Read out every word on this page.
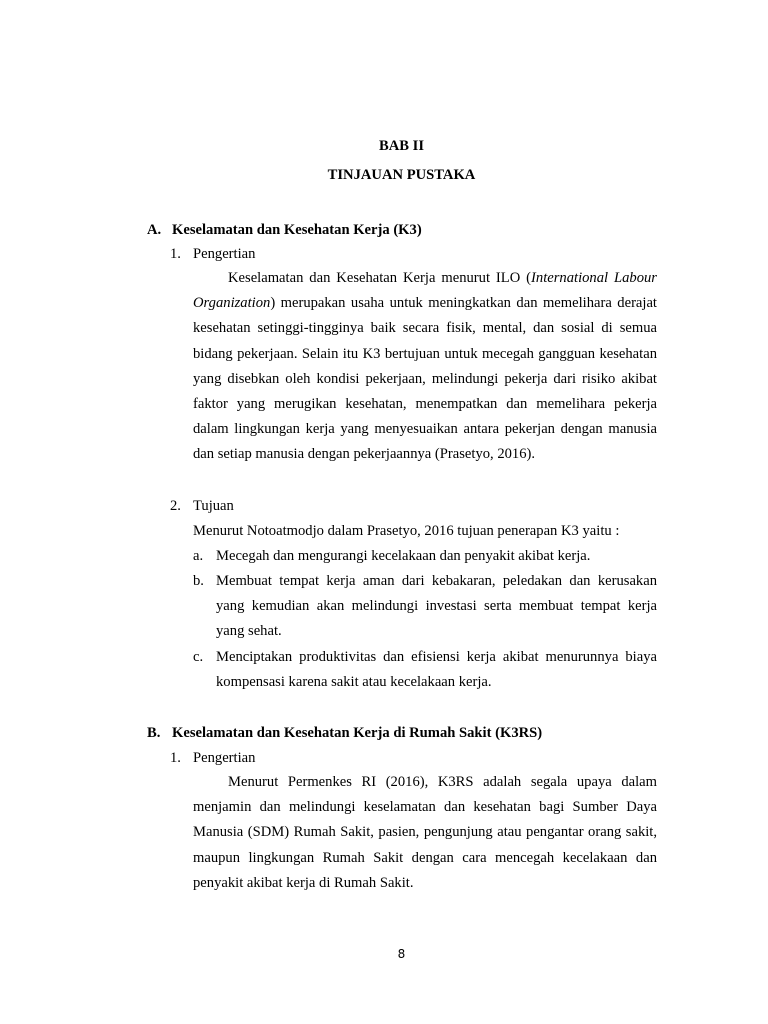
BAB II
TINJAUAN PUSTAKA
A. Keselamatan dan Kesehatan Kerja (K3)
1. Pengertian

Keselamatan dan Kesehatan Kerja menurut ILO (International Labour Organization) merupakan usaha untuk meningkatkan dan memelihara derajat kesehatan setinggi-tingginya baik secara fisik, mental, dan sosial di semua bidang pekerjaan. Selain itu K3 bertujuan untuk mecegah gangguan kesehatan yang disebkan oleh kondisi pekerjaan, melindungi pekerja dari risiko akibat faktor yang merugikan kesehatan, menempatkan dan memelihara pekerja dalam lingkungan kerja yang menyesuaikan antara pekerjan dengan manusia dan setiap manusia dengan pekerjaannya (Prasetyo, 2016).

2. Tujuan
Menurut Notoatmodjo dalam Prasetyo, 2016 tujuan penerapan K3 yaitu :
a. Mecegah dan mengurangi kecelakaan dan penyakit akibat kerja.
b. Membuat tempat kerja aman dari kebakaran, peledakan dan kerusakan yang kemudian akan melindungi investasi serta membuat tempat kerja yang sehat.
c. Menciptakan produktivitas dan efisiensi kerja akibat menurunnya biaya kompensasi karena sakit atau kecelakaan kerja.
B. Keselamatan dan Kesehatan Kerja di Rumah Sakit (K3RS)
1. Pengertian

Menurut Permenkes RI (2016), K3RS adalah segala upaya dalam menjamin dan melindungi keselamatan dan kesehatan bagi Sumber Daya Manusia (SDM) Rumah Sakit, pasien, pengunjung atau pengantar orang sakit, maupun lingkungan Rumah Sakit dengan cara mencegah kecelakaan dan penyakit akibat kerja di Rumah Sakit.

8
